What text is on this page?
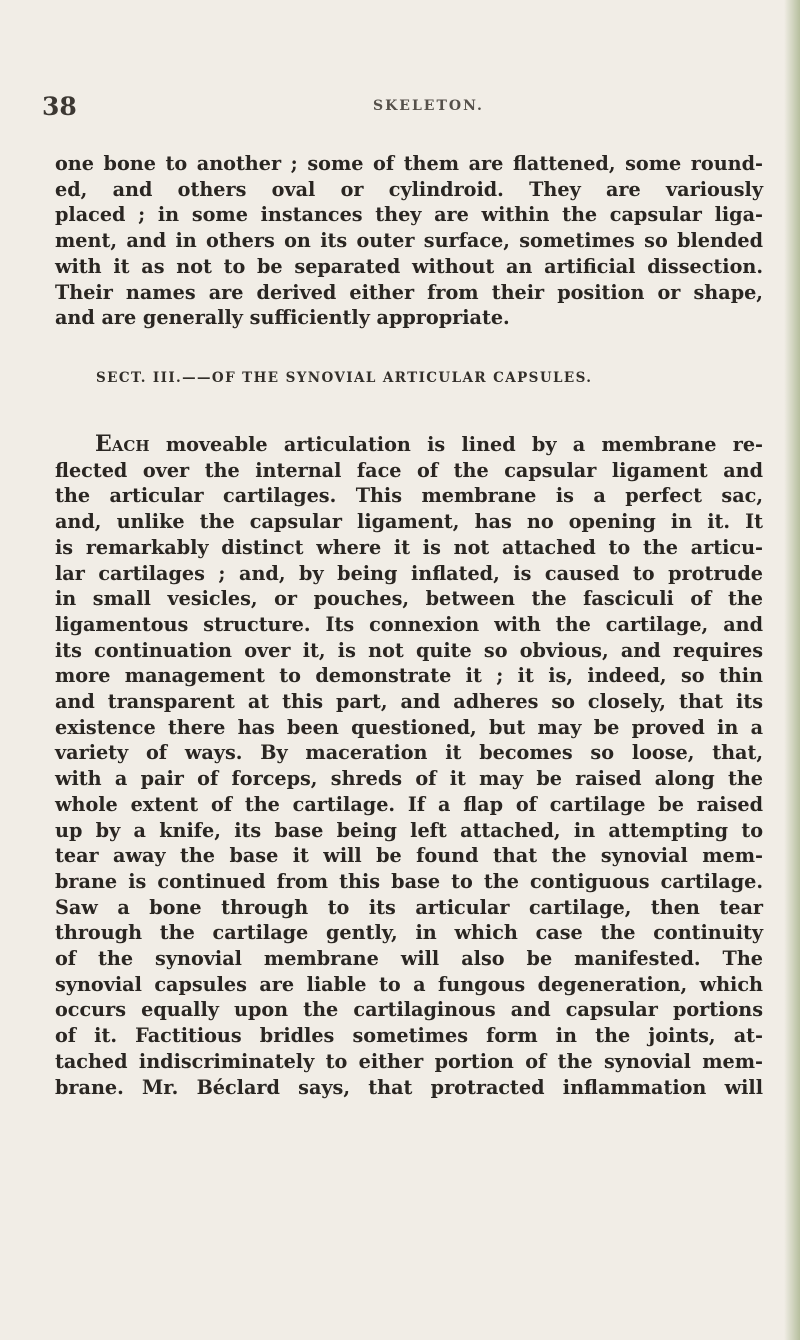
38	SKELETON.
one bone to another ; some of them are flattened, some round-
ed, and others oval or cylindroid. They are variously
placed ; in some instances they are within the capsular liga-
ment, and in others on its outer surface, sometimes so blended
with it as not to be separated without an artificial dissection.
Their names are derived either from their position or shape,
and are generally sufficiently appropriate.
SECT. III.——OF THE SYNOVIAL ARTICULAR CAPSULES.
Each moveable articulation is lined by a membrane re-
flected over the internal face of the capsular ligament and
the articular cartilages. This membrane is a perfect sac,
and, unlike the capsular ligament, has no opening in it. It
is remarkably distinct where it is not attached to the articu-
lar cartilages ; and, by being inflated, is caused to protrude
in small vesicles, or pouches, between the fasciculi of the
ligamentous structure. Its connexion with the cartilage, and
its continuation over it, is not quite so obvious, and requires
more management to demonstrate it ; it is, indeed, so thin
and transparent at this part, and adheres so closely, that its
existence there has been questioned, but may be proved in a
variety of ways. By maceration it becomes so loose, that,
with a pair of forceps, shreds of it may be raised along the
whole extent of the cartilage. If a flap of cartilage be raised
up by a knife, its base being left attached, in attempting to
tear away the base it will be found that the synovial mem-
brane is continued from this base to the contiguous cartilage.
Saw a bone through to its articular cartilage, then tear
through the cartilage gently, in which case the continuity
of the synovial membrane will also be manifested. The
synovial capsules are liable to a fungous degeneration, which
occurs equally upon the cartilaginous and capsular portions
of it. Factitious bridles sometimes form in the joints, at-
tached indiscriminately to either portion of the synovial mem-
brane. Mr. Béclard says, that protracted inflammation will
